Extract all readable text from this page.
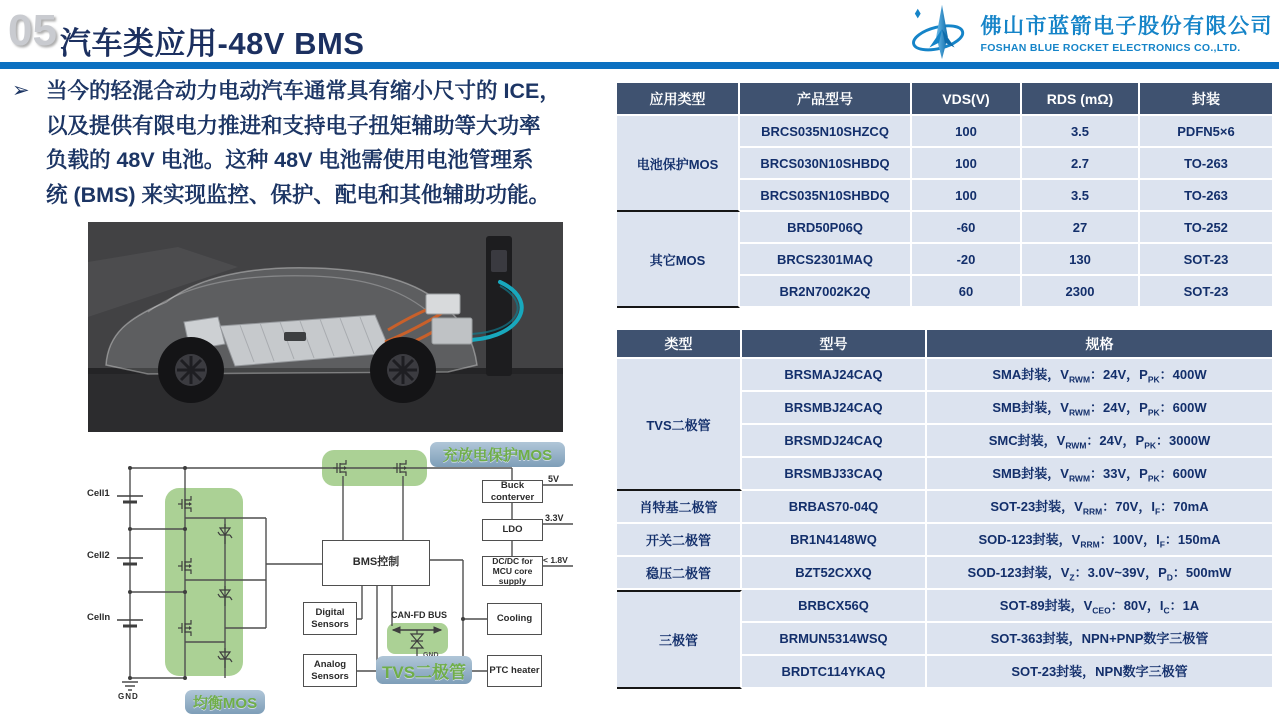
05 汽车类应用-48V BMS	佛山市蓝箭电子股份有限公司
FOSHAN BLUE ROCKET ELECTRONICS CO.,LTD.
➢ 当今的轻混合动力电动汽车通常具有缩小尺寸的 ICE，
以及提供有限电力推进和支持电子扭矩辅助等大功率
负载的 48V 电池。这种 48V 电池需使用电池管理系
统 (BMS) 来实现监控、保护、配电和其他辅助功能。
Cell1
Cell2
Celln
GND
BMS控制
Buck conterver
LDO
DC/DC for MCU core supply
Digital Sensors
Analog Sensors
Cooling
PTC heater
5V
3.3V
< 1.8V
CAN-FD BUS
充放电保护MOS
均衡MOS
TVS二极管
应用类型	产品型号	VDS(V)	RDS (mΩ)	封装
电池保护MOS	BRCS035N10SHZCQ	100	3.5	PDFN5×6
	BRCS030N10SHBDQ	100	2.7	TO-263
	BRCS035N10SHBDQ	100	3.5	TO-263
其它MOS	BRD50P06Q	-60	27	TO-252
	BRCS2301MAQ	-20	130	SOT-23
	BR2N7002K2Q	60	2300	SOT-23
类型	型号	规格
TVS二极管	BRSMAJ24CAQ	SMA封装，$V_{RWM}$：24V，$P_{PK}$：400W
	BRSMBJ24CAQ	SMB封装，$V_{RWM}$：24V，$P_{PK}$：600W
	BRSMDJ24CAQ	SMC封装，$V_{RWM}$：24V，$P_{PK}$：3000W
	BRSMBJ33CAQ	SMB封装，$V_{RWM}$：33V，$P_{PK}$：600W
肖特基二极管	BRBAS70-04Q	SOT-23封装，$V_{RRM}$：70V，$I_F$：70mA
开关二极管	BR1N4148WQ	SOD-123封装，$V_{RRM}$：100V，$I_F$：150mA
稳压二极管	BZT52CXXQ	SOD-123封装，$V_Z$：3.0V~39V，$P_D$：500mW
三极管	BRBCX56Q	SOT-89封装，$V_{CEO}$：80V，$I_C$：1A
	BRMUN5314WSQ	SOT-363封装，NPN+PNP数字三极管
	BRDTC114YKAQ	SOT-23封装，NPN数字三极管
